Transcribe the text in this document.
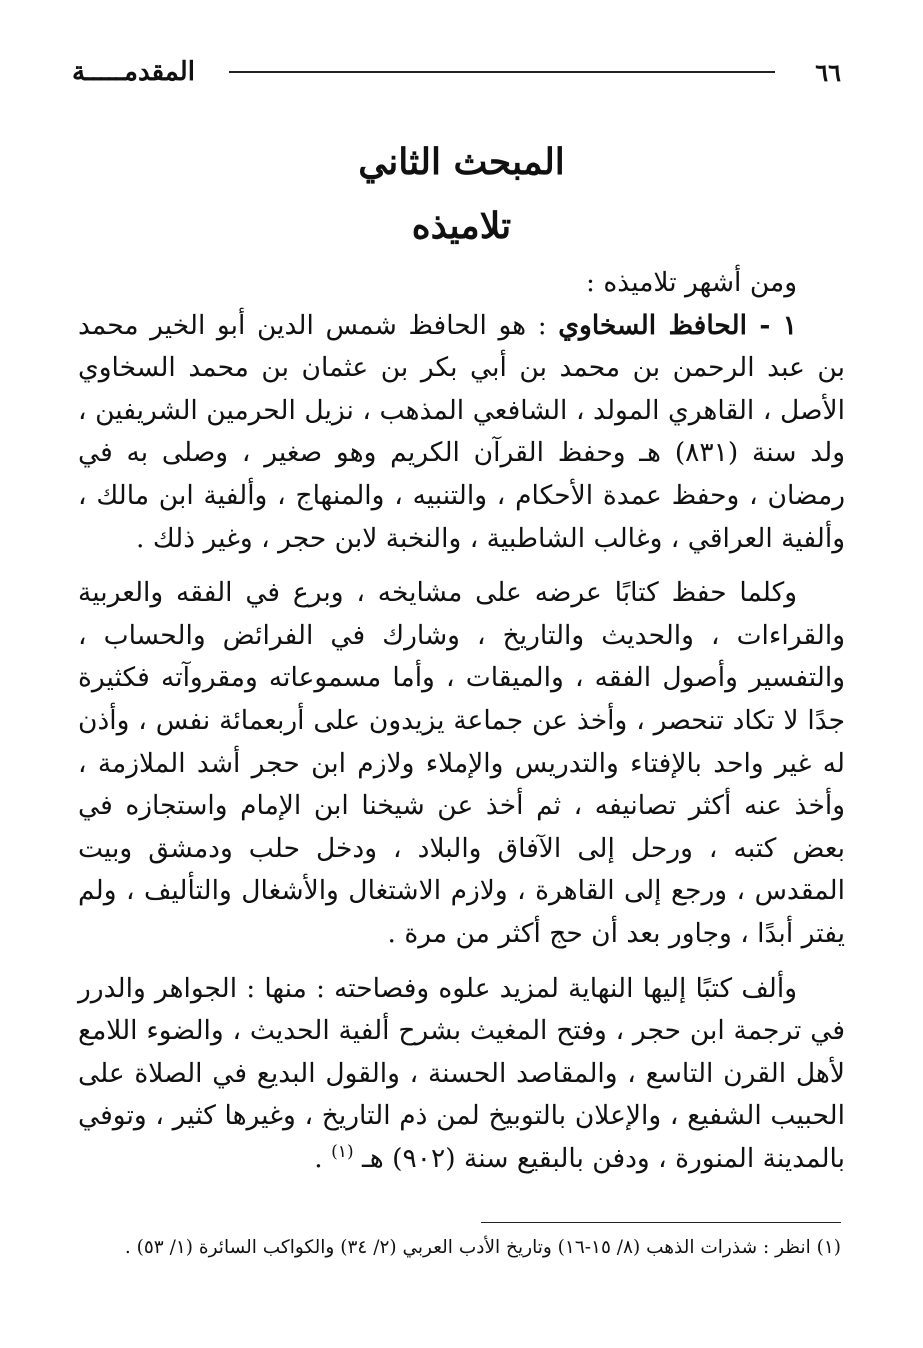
المقدمـــــة	٦٦
المبحث الثاني
تلاميذه

ومن أشهر تلاميذه :

١ - الحافظ السخاوي : هو الحافظ شمس الدين أبو الخير محمد بن عبد الرحمن بن محمد بن أبي بكر بن عثمان بن محمد السخاوي الأصل ، القاهري المولد ، الشافعي المذهب ، نزيل الحرمين الشريفين ، ولد سنة (٨٣١) هـ وحفظ القرآن الكريم وهو صغير ، وصلى به في رمضان ، وحفظ عمدة الأحكام ، والتنبيه ، والمنهاج ، وألفية ابن مالك ، وألفية العراقي ، وغالب الشاطبية ، والنخبة لابن حجر ، وغير ذلك .

وكلما حفظ كتابًا عرضه على مشايخه ، وبرع في الفقه والعربية والقراءات ، والحديث والتاريخ ، وشارك في الفرائض والحساب ، والتفسير وأصول الفقه ، والميقات ، وأما مسموعاته ومقروآته فكثيرة جدًا لا تكاد تنحصر ، وأخذ عن جماعة يزيدون على أربعمائة نفس ، وأذن له غير واحد بالإفتاء والتدريس والإملاء ولازم ابن حجر أشد الملازمة ، وأخذ عنه أكثر تصانيفه ، ثم أخذ عن شيخنا ابن الإمام واستجازه في بعض كتبه ، ورحل إلى الآفاق والبلاد ، ودخل حلب ودمشق وبيت المقدس ، ورجع إلى القاهرة ، ولازم الاشتغال والأشغال والتأليف ، ولم يفتر أبدًا ، وجاور بعد أن حج أكثر من مرة .

وألف كتبًا إليها النهاية لمزيد علوه وفصاحته : منها : الجواهر والدرر في ترجمة ابن حجر ، وفتح المغيث بشرح ألفية الحديث ، والضوء اللامع لأهل القرن التاسع ، والمقاصد الحسنة ، والقول البديع في الصلاة على الحبيب الشفيع ، والإعلان بالتوبيخ لمن ذم التاريخ ، وغيرها كثير ، وتوفي بالمدينة المنورة ، ودفن بالبقيع سنة (٩٠٢) هـ $^{(١)}$ .

(١) انظر : شذرات الذهب (٨/ ١٥-١٦) وتاريخ الأدب العربي (٢/ ٣٤) والكواكب السائرة (١/ ٥٣) .
